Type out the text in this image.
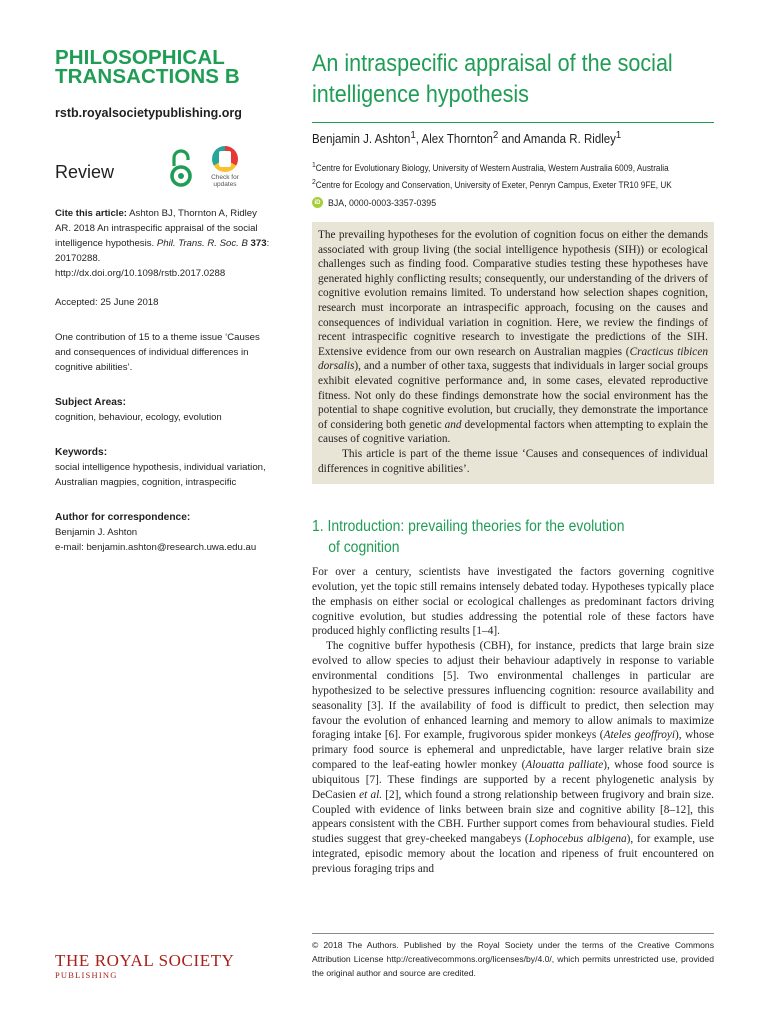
PHILOSOPHICAL
TRANSACTIONS B
rstb.royalsocietypublishing.org
Review	Check for updates
Cite this article: Ashton BJ, Thornton A, Ridley AR. 2018 An intraspecific appraisal of the social intelligence hypothesis. Phil. Trans. R. Soc. B 373: 20170288.
http://dx.doi.org/10.1098/rstb.2017.0288
Accepted: 25 June 2018
One contribution of 15 to a theme issue ‘Causes and consequences of individual differences in cognitive abilities’.
Subject Areas:
cognition, behaviour, ecology, evolution
Keywords:
social intelligence hypothesis, individual variation, Australian magpies, cognition, intraspecific
Author for correspondence:
Benjamin J. Ashton
e-mail: benjamin.ashton@research.uwa.edu.au
THE ROYAL SOCIETY
PUBLISHING
An intraspecific appraisal of the social intelligence hypothesis
Benjamin J. Ashton$^1$, Alex Thornton$^2$ and Amanda R. Ridley$^1$
$^1$Centre for Evolutionary Biology, University of Western Australia, Western Australia 6009, Australia
$^2$Centre for Ecology and Conservation, University of Exeter, Penryn Campus, Exeter TR10 9FE, UK
iD BJA, 0000-0003-3357-0395

The prevailing hypotheses for the evolution of cognition focus on either the demands associated with group living (the social intelligence hypothesis (SIH)) or ecological challenges such as finding food. Comparative studies testing these hypotheses have generated highly conflicting results; consequently, our understanding of the drivers of cognitive evolution remains limited. To understand how selection shapes cognition, research must incorporate an intraspecific approach, focusing on the causes and consequences of individual variation in cognition. Here, we review the findings of recent intraspecific cognitive research to investigate the predictions of the SIH. Extensive evidence from our own research on Australian magpies (Cracticus tibicen dorsalis), and a number of other taxa, suggests that individuals in larger social groups exhibit elevated cognitive performance and, in some cases, elevated reproductive fitness. Not only do these findings demonstrate how the social environment has the potential to shape cognitive evolution, but crucially, they demonstrate the importance of considering both genetic and developmental factors when attempting to explain the causes of cognitive variation.

This article is part of the theme issue ‘Causes and consequences of individual differences in cognitive abilities’.

1. Introduction: prevailing theories for the evolution
of cognition

For over a century, scientists have investigated the factors governing cognitive evolution, yet the topic still remains intensely debated today. Hypotheses typically place the emphasis on either social or ecological challenges as predominant factors driving cognitive evolution, but studies addressing the potential role of these factors have produced highly conflicting results [1–4].

The cognitive buffer hypothesis (CBH), for instance, predicts that large brain size evolved to allow species to adjust their behaviour adaptively in response to variable environmental conditions [5]. Two environmental challenges in particular are hypothesized to be selective pressures influencing cognition: resource availability and seasonality [3]. If the availability of food is difficult to predict, then selection may favour the evolution of enhanced learning and memory to allow animals to maximize foraging intake [6]. For example, frugivorous spider monkeys (Ateles geoffroyi), whose primary food source is ephemeral and unpredictable, have larger relative brain size compared to the leaf-eating howler monkey (Alouatta palliate), whose food source is ubiquitous [7]. These findings are supported by a recent phylogenetic analysis by DeCasien et al. [2], which found a strong relationship between frugivory and brain size. Coupled with evidence of links between brain size and cognitive ability [8–12], this appears consistent with the CBH. Further support comes from behavioural studies. Field studies suggest that grey-cheeked mangabeys (Lophocebus albigena), for example, use integrated, episodic memory about the location and ripeness of fruit encountered on previous foraging trips and

© 2018 The Authors. Published by the Royal Society under the terms of the Creative Commons Attribution License http://creativecommons.org/licenses/by/4.0/, which permits unrestricted use, provided the original author and source are credited.
